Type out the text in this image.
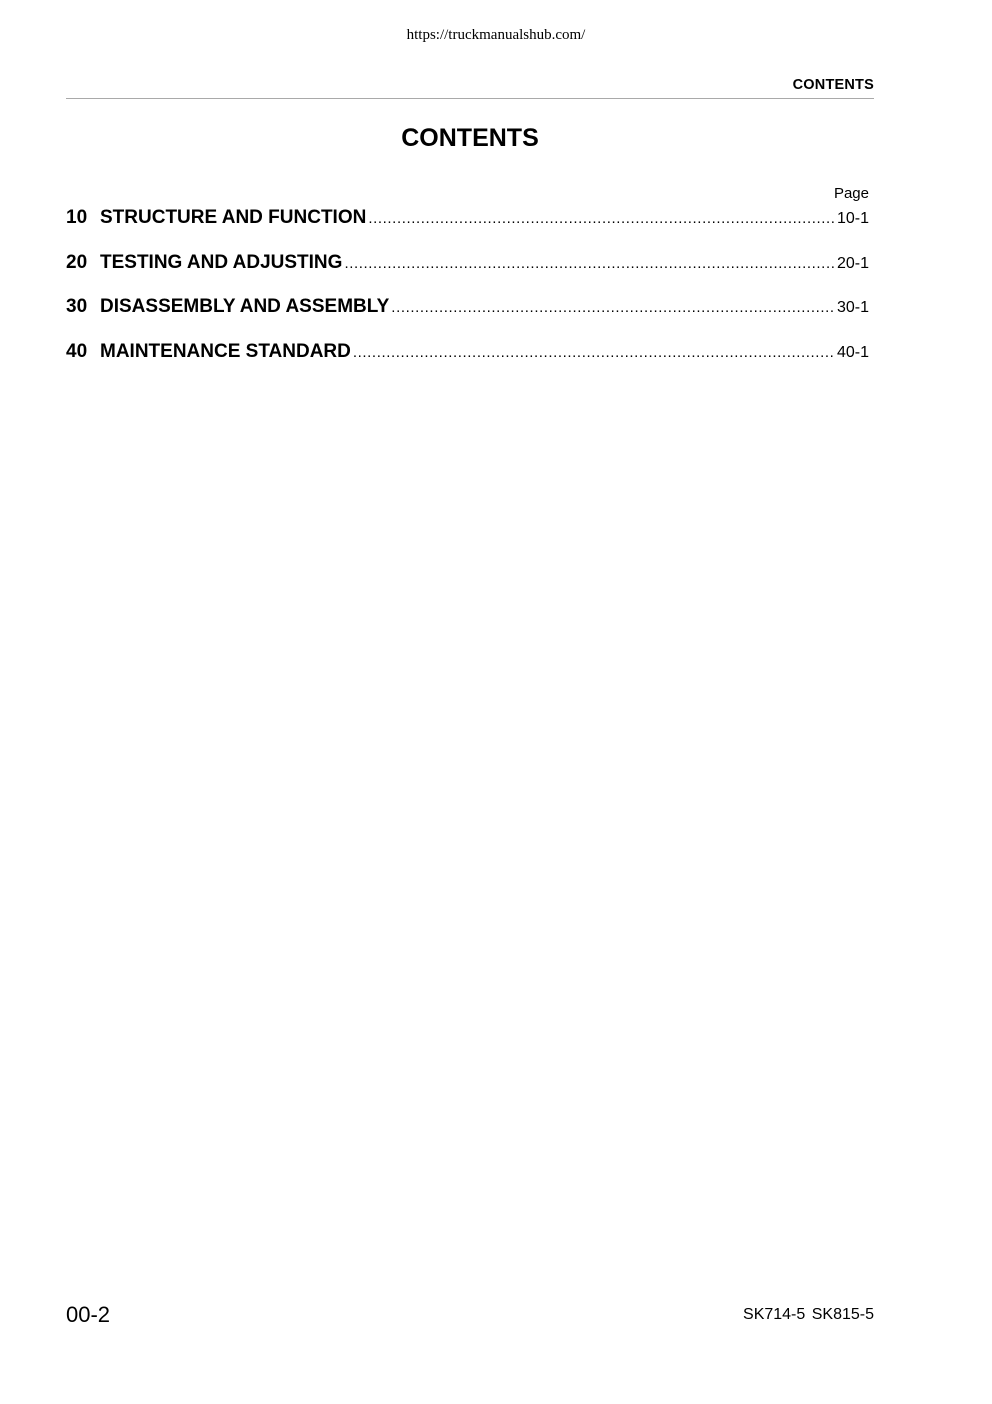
https://truckmanualshub.com/
CONTENTS
CONTENTS
Page
10 STRUCTURE AND FUNCTION .....	10-1
20 TESTING AND ADJUSTING .....	20-1
30 DISASSEMBLY AND ASSEMBLY .....	30-1
40 MAINTENANCE STANDARD .....	40-1
00-2	SK714-5 SK815-5
